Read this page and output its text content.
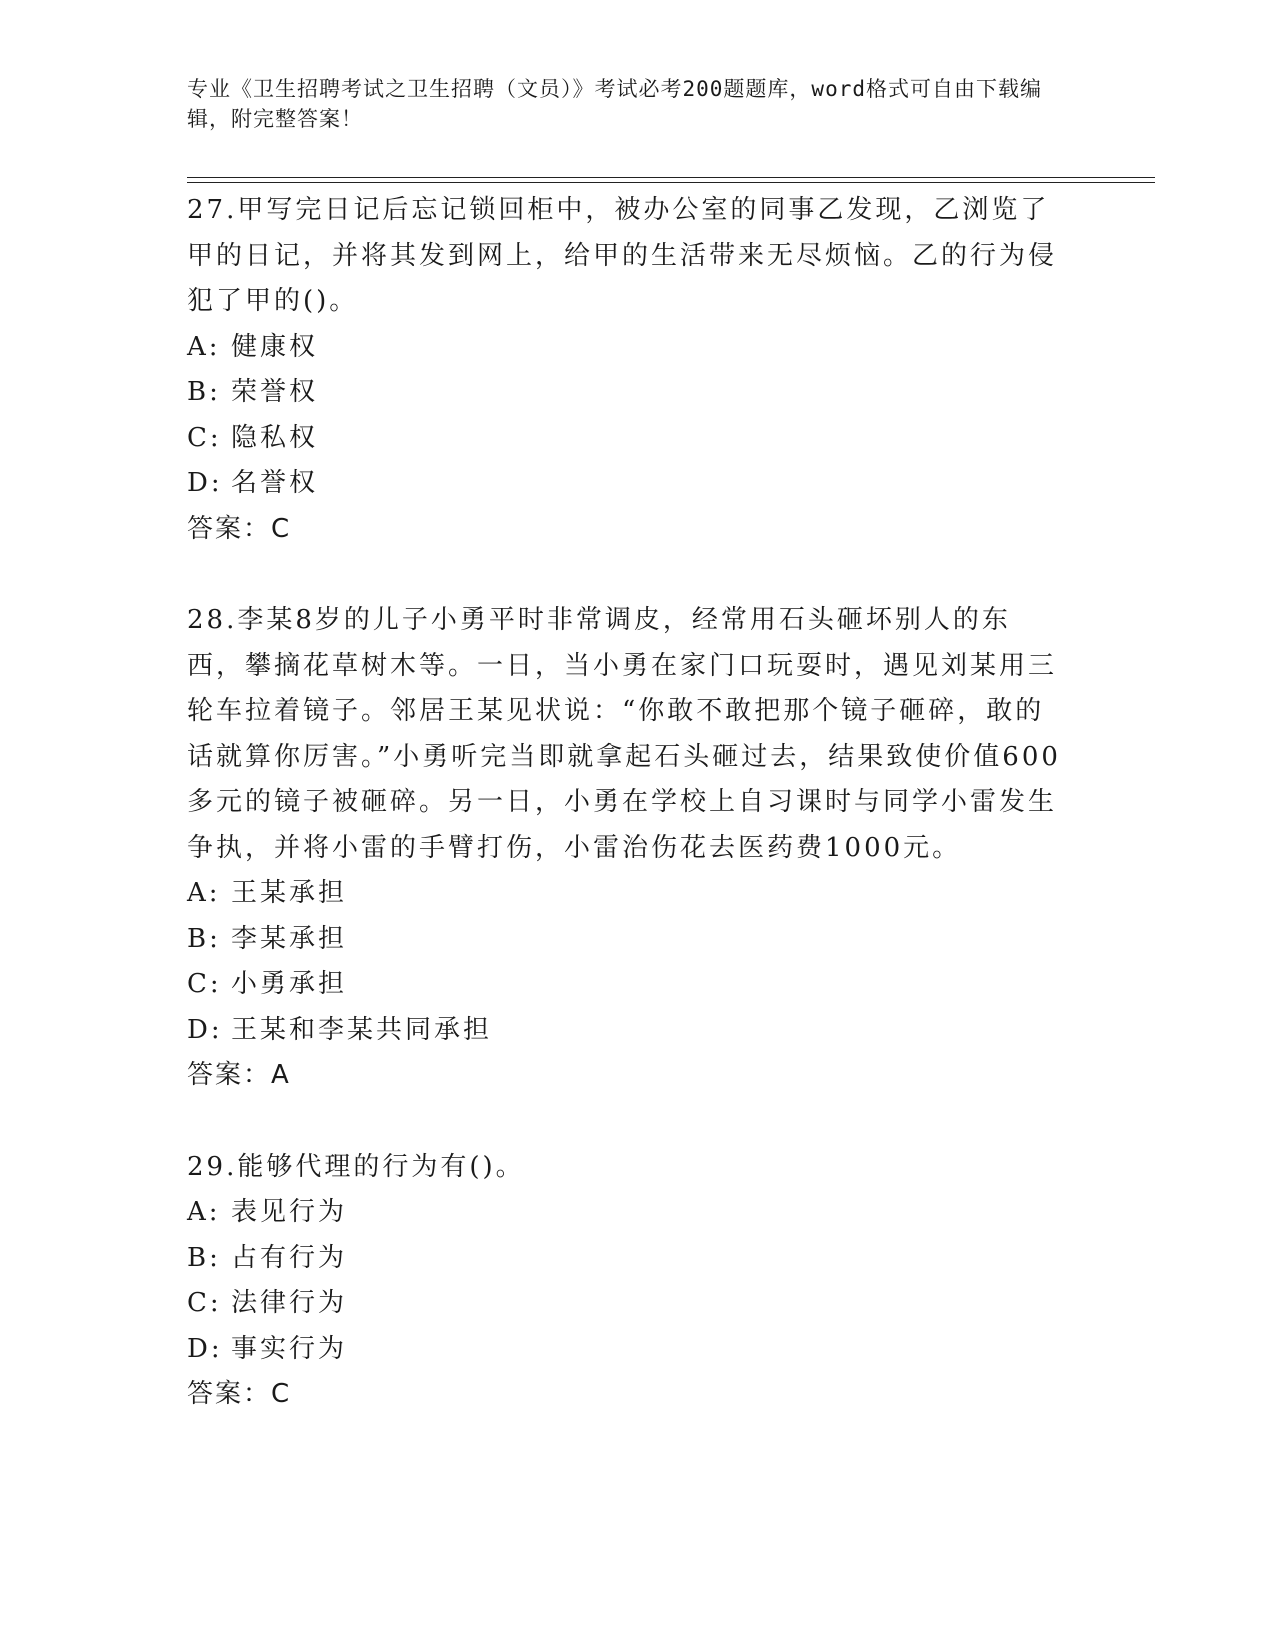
专业《卫生招聘考试之卫生招聘（文员）》考试必考200题题库，word格式可自由下载编辑，附完整答案！

27.甲写完日记后忘记锁回柜中，被办公室的同事乙发现，乙浏览了甲的日记，并将其发到网上，给甲的生活带来无尽烦恼。乙的行为侵犯了甲的()。

A: 健康权

B: 荣誉权

C: 隐私权

D: 名誉权

答案：C

28.李某8岁的儿子小勇平时非常调皮，经常用石头砸坏别人的东西，攀摘花草树木等。一日，当小勇在家门口玩耍时，遇见刘某用三轮车拉着镜子。邻居王某见状说：“你敢不敢把那个镜子砸碎，敢的话就算你厉害。”小勇听完当即就拿起石头砸过去，结果致使价值600多元的镜子被砸碎。另一日，小勇在学校上自习课时与同学小雷发生争执，并将小雷的手臂打伤，小雷治伤花去医药费1000元。

A: 王某承担

B: 李某承担

C: 小勇承担

D: 王某和李某共同承担

答案：A

29.能够代理的行为有()。

A: 表见行为

B: 占有行为

C: 法律行为

D: 事实行为

答案：C
